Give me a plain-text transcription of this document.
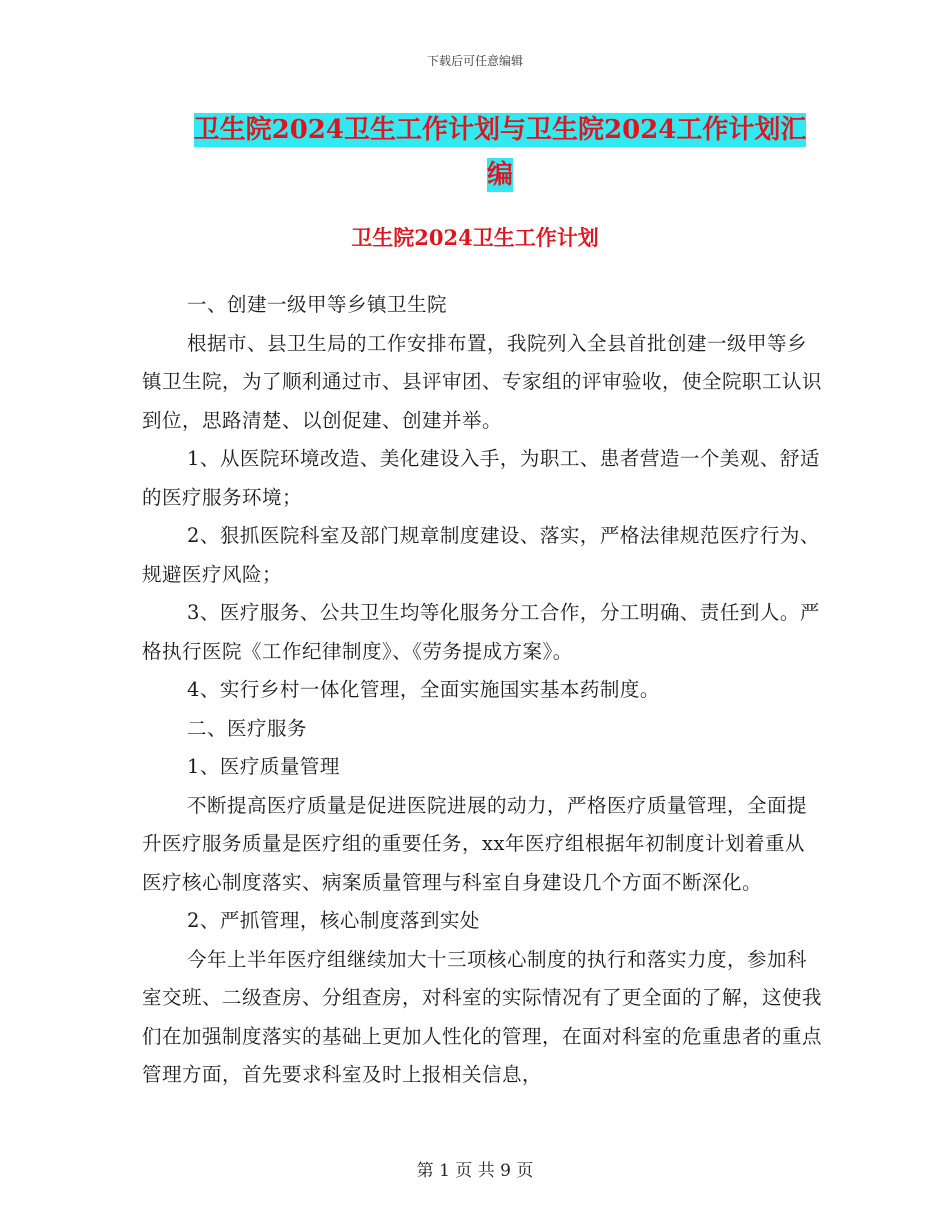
下载后可任意编辑
卫生院2024卫生工作计划与卫生院2024工作计划汇
编
卫生院2024卫生工作计划

一、创建一级甲等乡镇卫生院

根据市、县卫生局的工作安排布置，我院列入全县首批创建一级甲等乡镇卫生院，为了顺利通过市、县评审团、专家组的评审验收，使全院职工认识到位，思路清楚、以创促建、创建并举。

1、从医院环境改造、美化建设入手，为职工、患者营造一个美观、舒适的医疗服务环境；

2、狠抓医院科室及部门规章制度建设、落实，严格法律规范医疗行为、规避医疗风险；

3、医疗服务、公共卫生均等化服务分工合作，分工明确、责任到人。严格执行医院《工作纪律制度》、《劳务提成方案》。

4、实行乡村一体化管理，全面实施国实基本药制度。

二、医疗服务

1、医疗质量管理

不断提高医疗质量是促进医院进展的动力，严格医疗质量管理，全面提升医疗服务质量是医疗组的重要任务，xx年医疗组根据年初制度计划着重从医疗核心制度落实、病案质量管理与科室自身建设几个方面不断深化。

2、严抓管理，核心制度落到实处

今年上半年医疗组继续加大十三项核心制度的执行和落实力度，参加科室交班、二级查房、分组查房，对科室的实际情况有了更全面的了解，这使我们在加强制度落实的基础上更加人性化的管理，在面对科室的危重患者的重点管理方面，首先要求科室及时上报相关信息，

第 1 页 共 9 页
